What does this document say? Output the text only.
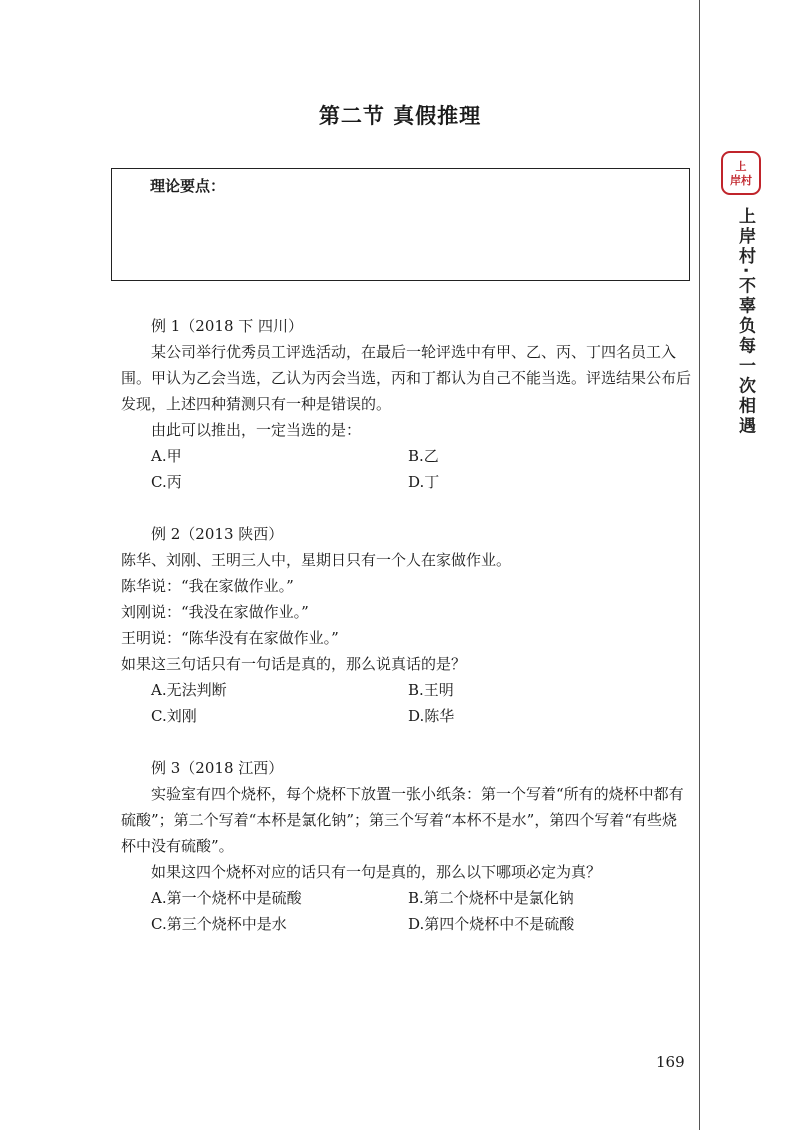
第二节 真假推理
上
岸村
上岸村·不辜负每一次相遇
理论要点：

例 1（2018 下 四川）

某公司举行优秀员工评选活动，在最后一轮评选中有甲、乙、丙、丁四名员工入围。甲认为乙会当选，乙认为丙会当选，丙和丁都认为自己不能当选。评选结果公布后发现，上述四种猜测只有一种是错误的。

由此可以推出，一定当选的是：

A.甲	B.乙

C.丙	D.丁

例 2（2013 陕西）

陈华、刘刚、王明三人中，星期日只有一个人在家做作业。

陈华说：“我在家做作业。”

刘刚说：“我没在家做作业。”

王明说：“陈华没有在家做作业。”

如果这三句话只有一句话是真的，那么说真话的是？

A.无法判断	B.王明

C.刘刚	D.陈华

例 3（2018 江西）

实验室有四个烧杯，每个烧杯下放置一张小纸条：第一个写着“所有的烧杯中都有硫酸”；第二个写着“本杯是氯化钠”；第三个写着“本杯不是水”，第四个写着“有些烧杯中没有硫酸”。

如果这四个烧杯对应的话只有一句是真的，那么以下哪项必定为真？

A.第一个烧杯中是硫酸	B.第二个烧杯中是氯化钠

C.第三个烧杯中是水	D.第四个烧杯中不是硫酸

169
